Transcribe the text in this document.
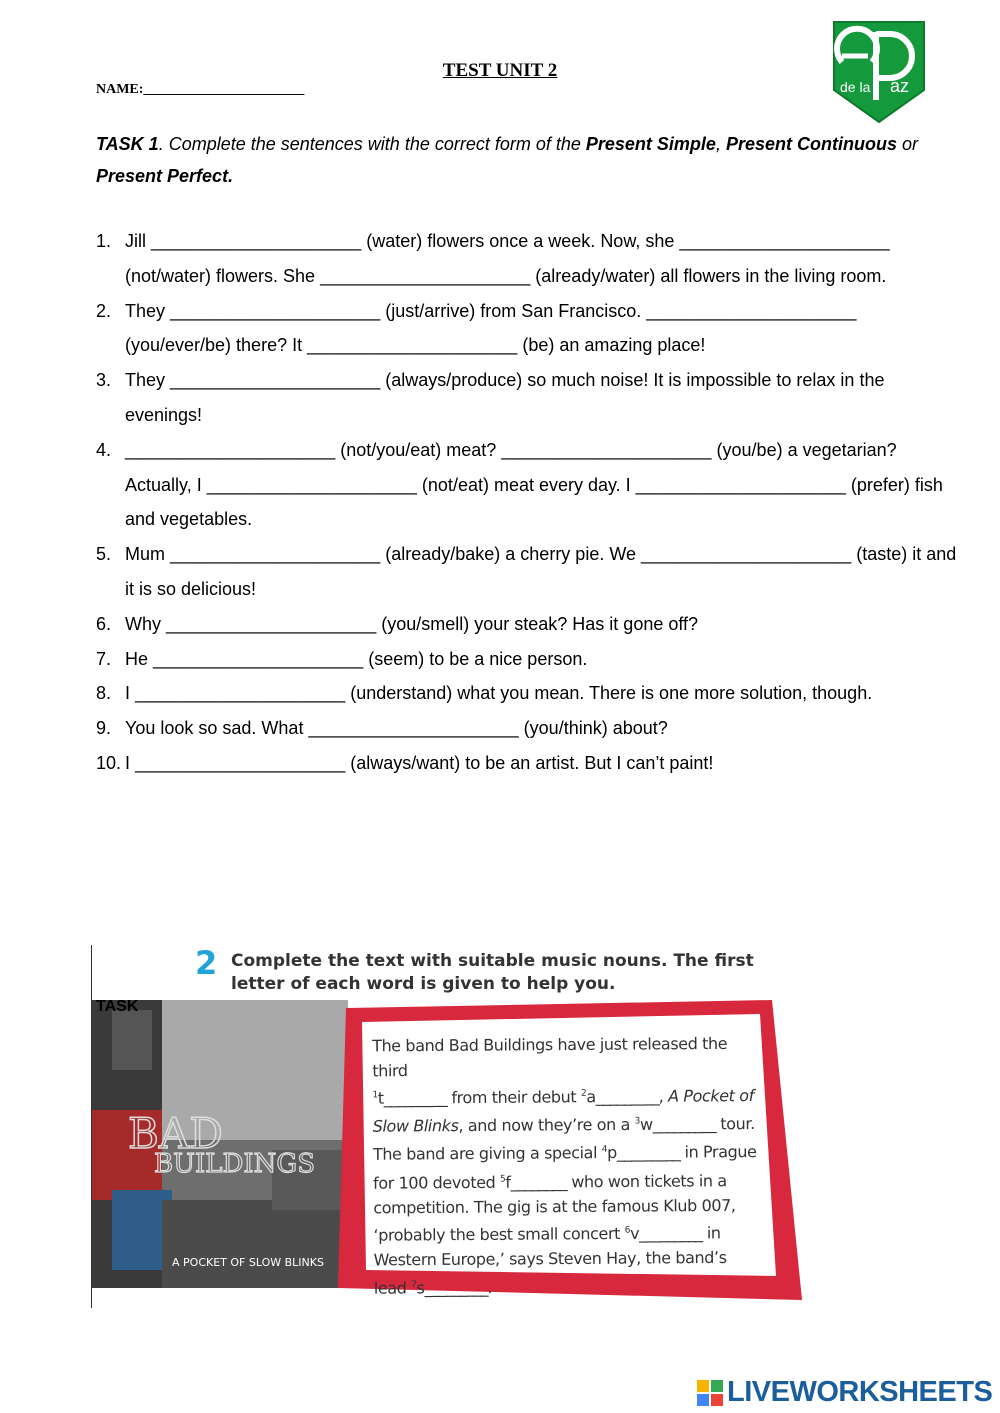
TEST UNIT 2
NAME:_______________________	de la az
TASK 1. Complete the sentences with the correct form of the Present Simple, Present Continuous or
Present Perfect.
1. Jill _____________________ (water) flowers once a week. Now, she _____________________ (not/water) flowers. She _____________________ (already/water) all flowers in the living room.
2. They _____________________ (just/arrive) from San Francisco. _____________________ (you/ever/be) there? It _____________________ (be) an amazing place!
3. They _____________________ (always/produce) so much noise! It is impossible to relax in the evenings!
4. _____________________ (not/you/eat) meat? _____________________ (you/be) a vegetarian? Actually, I _____________________ (not/eat) meat every day. I _____________________ (prefer) fish and vegetables.
5. Mum _____________________ (already/bake) a cherry pie. We _____________________ (taste) it and it is so delicious!
6. Why _____________________ (you/smell) your steak? Has it gone off?
7. He _____________________ (seem) to be a nice person.
8. I _____________________ (understand) what you mean. There is one more solution, though.
9. You look so sad. What _____________________ (you/think) about?
10. I _____________________ (always/want) to be an artist. But I can’t paint!
2 Complete the text with suitable music nouns. The first letter of each word is given to help you.
BAD
BUILDINGS
A POCKET OF SLOW BLINKS
TASK
The band Bad Buildings have just released the third
$^1$t_________ from their debut $^2$a_________, A Pocket of Slow Blinks, and now they’re on a $^3$w_________ tour. The band are giving a special $^4$p_________ in Prague for 100 devoted $^5$f________ who won tickets in a competition. The gig is at the famous Klub 007, ‘probably the best small concert $^6$v_________ in Western Europe,’ says Steven Hay, the band’s lead $^7$s_________.
LIVEWORKSHEETS
